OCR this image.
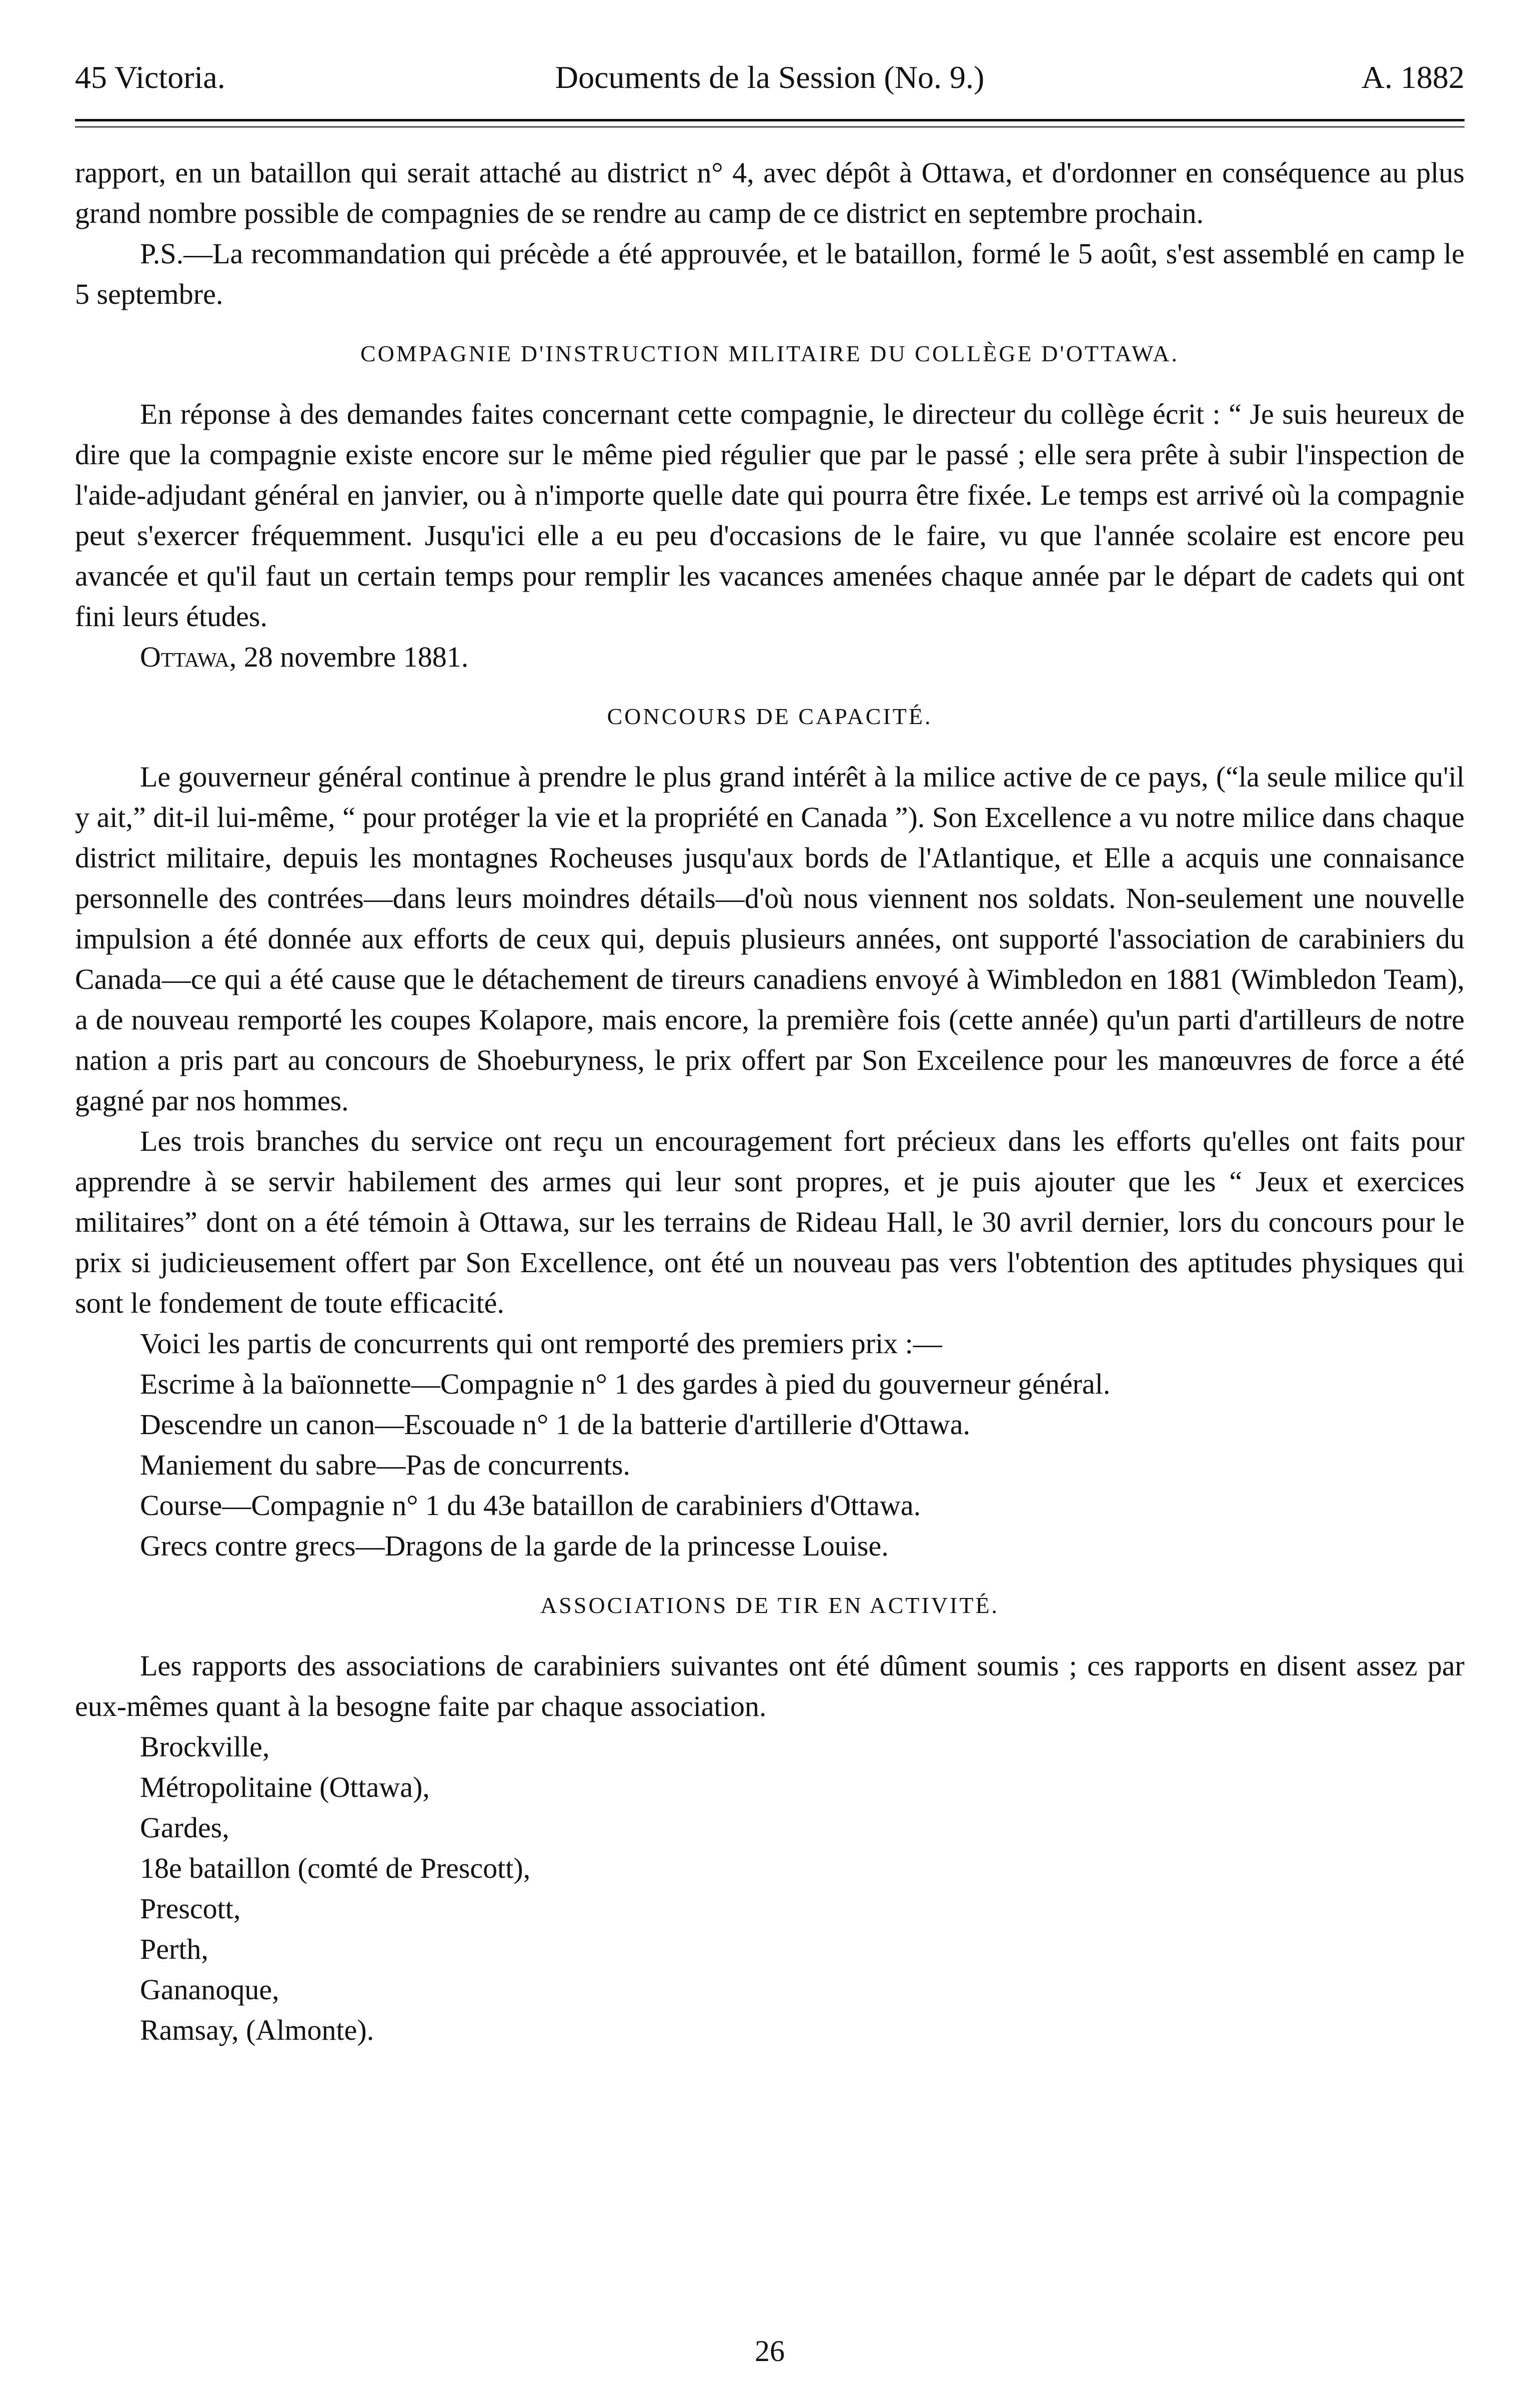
45 Victoria.	Documents de la Session (No. 9.)	A. 1882

rapport, en un bataillon qui serait attaché au district n° 4, avec dépôt à Ottawa, et d'ordonner en conséquence au plus grand nombre possible de compagnies de se rendre au camp de ce district en septembre prochain.

P.S.—La recommandation qui précède a été approuvée, et le bataillon, formé le 5 août, s'est assemblé en camp le 5 septembre.

COMPAGNIE D'INSTRUCTION MILITAIRE DU COLLÈGE D'OTTAWA.

En réponse à des demandes faites concernant cette compagnie, le directeur du collège écrit : “ Je suis heureux de dire que la compagnie existe encore sur le même pied régulier que par le passé ; elle sera prête à subir l'inspection de l'aide-adjudant général en janvier, ou à n'importe quelle date qui pourra être fixée. Le temps est arrivé où la compagnie peut s'exercer fréquemment. Jusqu'ici elle a eu peu d'occasions de le faire, vu que l'année scolaire est encore peu avancée et qu'il faut un certain temps pour remplir les vacances amenées chaque année par le départ de cadets qui ont fini leurs études.

Ottawa, 28 novembre 1881.

CONCOURS DE CAPACITÉ.

Le gouverneur général continue à prendre le plus grand intérêt à la milice active de ce pays, (“la seule milice qu'il y ait,” dit-il lui-même, “ pour protéger la vie et la propriété en Canada ”). Son Excellence a vu notre milice dans chaque district militaire, depuis les montagnes Rocheuses jusqu'aux bords de l'Atlantique, et Elle a acquis une connaisance personnelle des contrées—dans leurs moindres détails—d'où nous viennent nos soldats. Non-seulement une nouvelle impulsion a été donnée aux efforts de ceux qui, depuis plusieurs années, ont supporté l'association de carabiniers du Canada—ce qui a été cause que le détachement de tireurs canadiens envoyé à Wimbledon en 1881 (Wimbledon Team), a de nouveau remporté les coupes Kolapore, mais encore, la première fois (cette année) qu'un parti d'artilleurs de notre nation a pris part au concours de Shoeburyness, le prix offert par Son Exceilence pour les manœuvres de force a été gagné par nos hommes.

Les trois branches du service ont reçu un encouragement fort précieux dans les efforts qu'elles ont faits pour apprendre à se servir habilement des armes qui leur sont propres, et je puis ajouter que les “ Jeux et exercices militaires” dont on a été témoin à Ottawa, sur les terrains de Rideau Hall, le 30 avril dernier, lors du concours pour le prix si judicieusement offert par Son Excellence, ont été un nouveau pas vers l'obtention des aptitudes physiques qui sont le fondement de toute efficacité.

Voici les partis de concurrents qui ont remporté des premiers prix :—

Escrime à la baïonnette—Compagnie n° 1 des gardes à pied du gouverneur général.

Descendre un canon—Escouade n° 1 de la batterie d'artillerie d'Ottawa.

Maniement du sabre—Pas de concurrents.

Course—Compagnie n° 1 du 43e bataillon de carabiniers d'Ottawa.

Grecs contre grecs—Dragons de la garde de la princesse Louise.

ASSOCIATIONS DE TIR EN ACTIVITÉ.

Les rapports des associations de carabiniers suivantes ont été dûment soumis ; ces rapports en disent assez par eux-mêmes quant à la besogne faite par chaque association.

Brockville,
Métropolitaine (Ottawa),
Gardes,
18e bataillon (comté de Prescott),
Prescott,
Perth,
Gananoque,
Ramsay, (Almonte).
26
